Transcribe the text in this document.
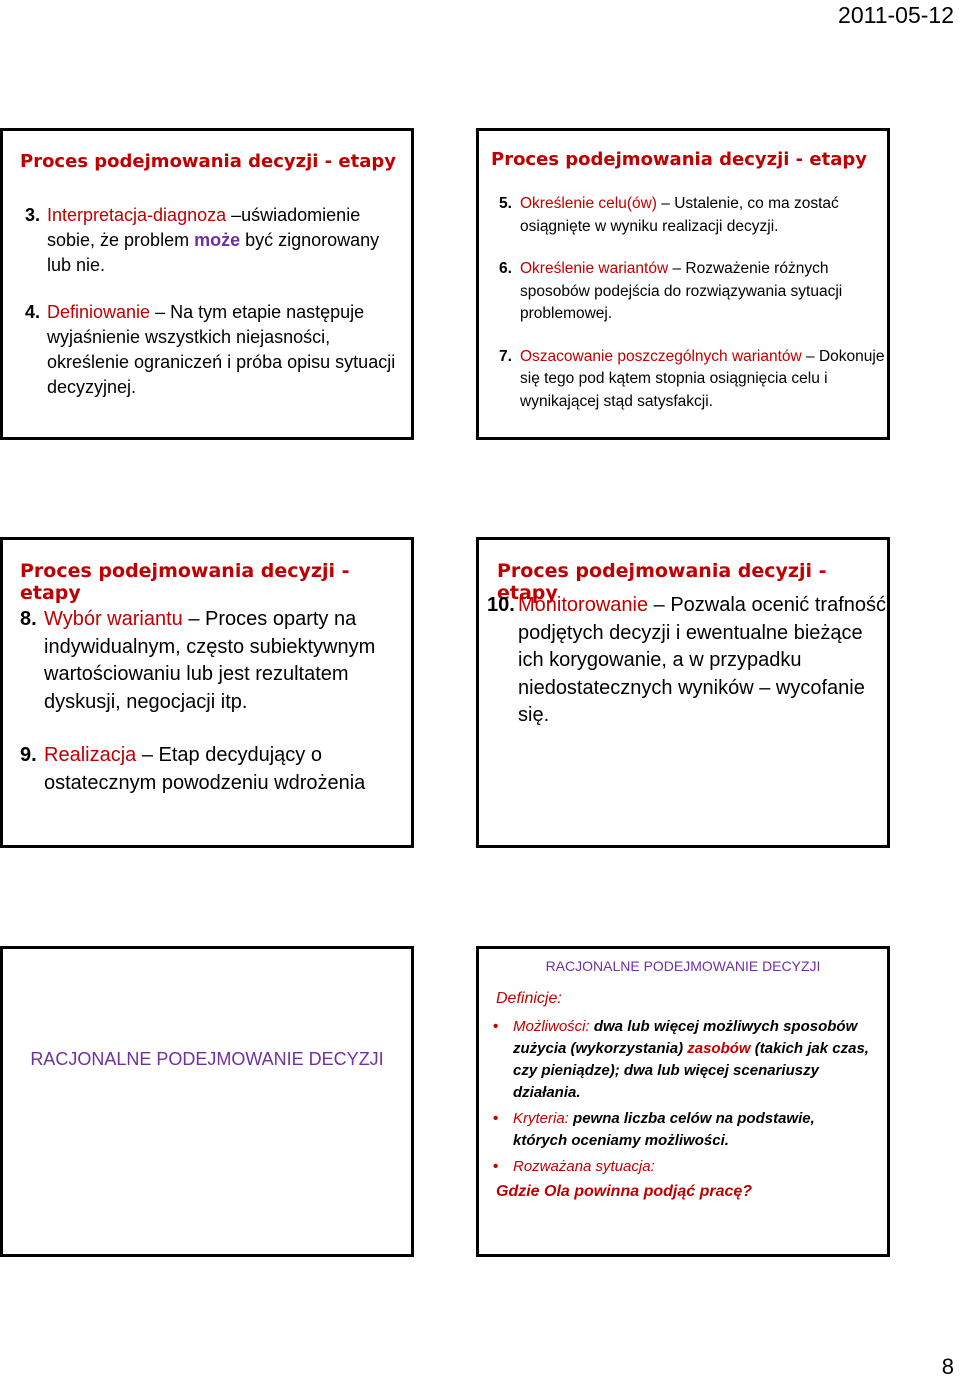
2011-05-12
Proces podejmowania decyzji - etapy
3. Interpretacja-diagnoza –uświadomienie sobie, że problem może być zignorowany lub nie.
4. Definiowanie – Na tym etapie następuje wyjaśnienie wszystkich niejasności, określenie ograniczeń i próba opisu sytuacji decyzyjnej.
Proces podejmowania decyzji - etapy
5. Określenie celu(ów) – Ustalenie, co ma zostać osiągnięte w wyniku realizacji decyzji.
6. Określenie wariantów – Rozważenie różnych sposobów podejścia do rozwiązywania sytuacji problemowej.
7. Oszacowanie poszczególnych wariantów – Dokonuje się tego pod kątem stopnia osiągnięcia celu i wynikającej stąd satysfakcji.
Proces podejmowania decyzji - etapy
8. Wybór wariantu – Proces oparty na indywidualnym, często subiektywnym wartościowaniu lub jest rezultatem dyskusji, negocjacji itp.
9. Realizacja – Etap decydujący o ostatecznym powodzeniu wdrożenia
Proces podejmowania decyzji - etapy
10. Monitorowanie – Pozwala ocenić trafność podjętych decyzji i ewentualne bieżące ich korygowanie, a w przypadku niedostatecznych wyników – wycofanie się.
RACJONALNE PODEJMOWANIE DECYZJI
RACJONALNE PODEJMOWANIE DECYZJI
Definicje:
• Możliwości: dwa lub więcej możliwych sposobów zużycia (wykorzystania) zasobów (takich jak czas, czy pieniądze); dwa lub więcej scenariuszy działania.
• Kryteria: pewna liczba celów na podstawie, których oceniamy możliwości.
• Rozważana sytuacja:
Gdzie Ola powinna podjąć pracę?
8
